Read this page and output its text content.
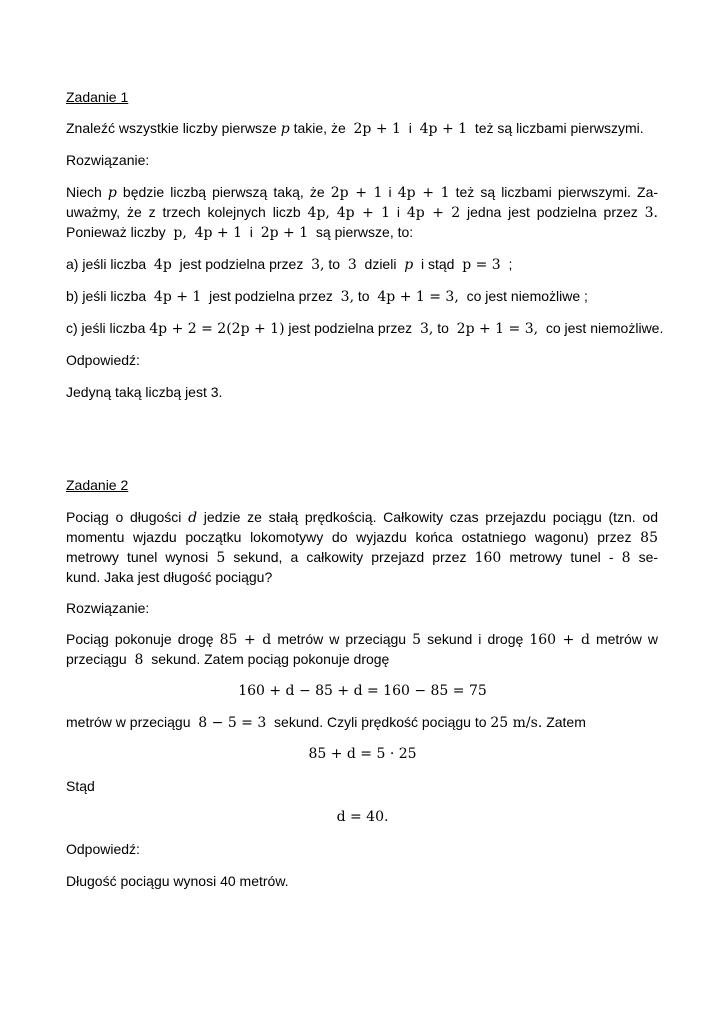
Zadanie 1
Znaleźć wszystkie liczby pierwsze p takie, że 2p + 1 i 4p + 1 też są liczbami pierwszymi.
Rozwiązanie:
Niech p będzie liczbą pierwszą taką, że 2p + 1 i 4p + 1 też są liczbami pierwszymi. Za-
uważmy, że z trzech kolejnych liczb 4p, 4p + 1 i 4p + 2 jedna jest podzielna przez 3.
Ponieważ liczby p, 4p + 1 i 2p + 1 są pierwsze, to:
a) jeśli liczba 4p jest podzielna przez 3, to 3 dzieli p i stąd p = 3 ;
b) jeśli liczba 4p + 1 jest podzielna przez 3, to 4p + 1 = 3, co jest niemożliwe ;
c) jeśli liczba 4p + 2 = 2(2p + 1) jest podzielna przez 3, to 2p + 1 = 3, co jest niemożliwe.
Odpowiedź:
Jedyną taką liczbą jest 3.
Zadanie 2
Pociąg o długości d jedzie ze stałą prędkością. Całkowity czas przejazdu pociągu (tzn. od
momentu wjazdu początku lokomotywy do wyjazdu końca ostatniego wagonu) przez 85
metrowy tunel wynosi 5 sekund, a całkowity przejazd przez 160 metrowy tunel - 8 se-
kund. Jaka jest długość pociągu?
Rozwiązanie:
Pociąg pokonuje drogę 85 + d metrów w przeciągu 5 sekund i drogę 160 + d metrów w
przeciągu 8 sekund. Zatem pociąg pokonuje drogę
160 + d − 85 + d = 160 − 85 = 75
metrów w przeciągu 8 − 5 = 3 sekund. Czyli prędkość pociągu to 25 m/s. Zatem
85 + d = 5 · 25
Stąd
d = 40.
Odpowiedź:
Długość pociągu wynosi 40 metrów.
